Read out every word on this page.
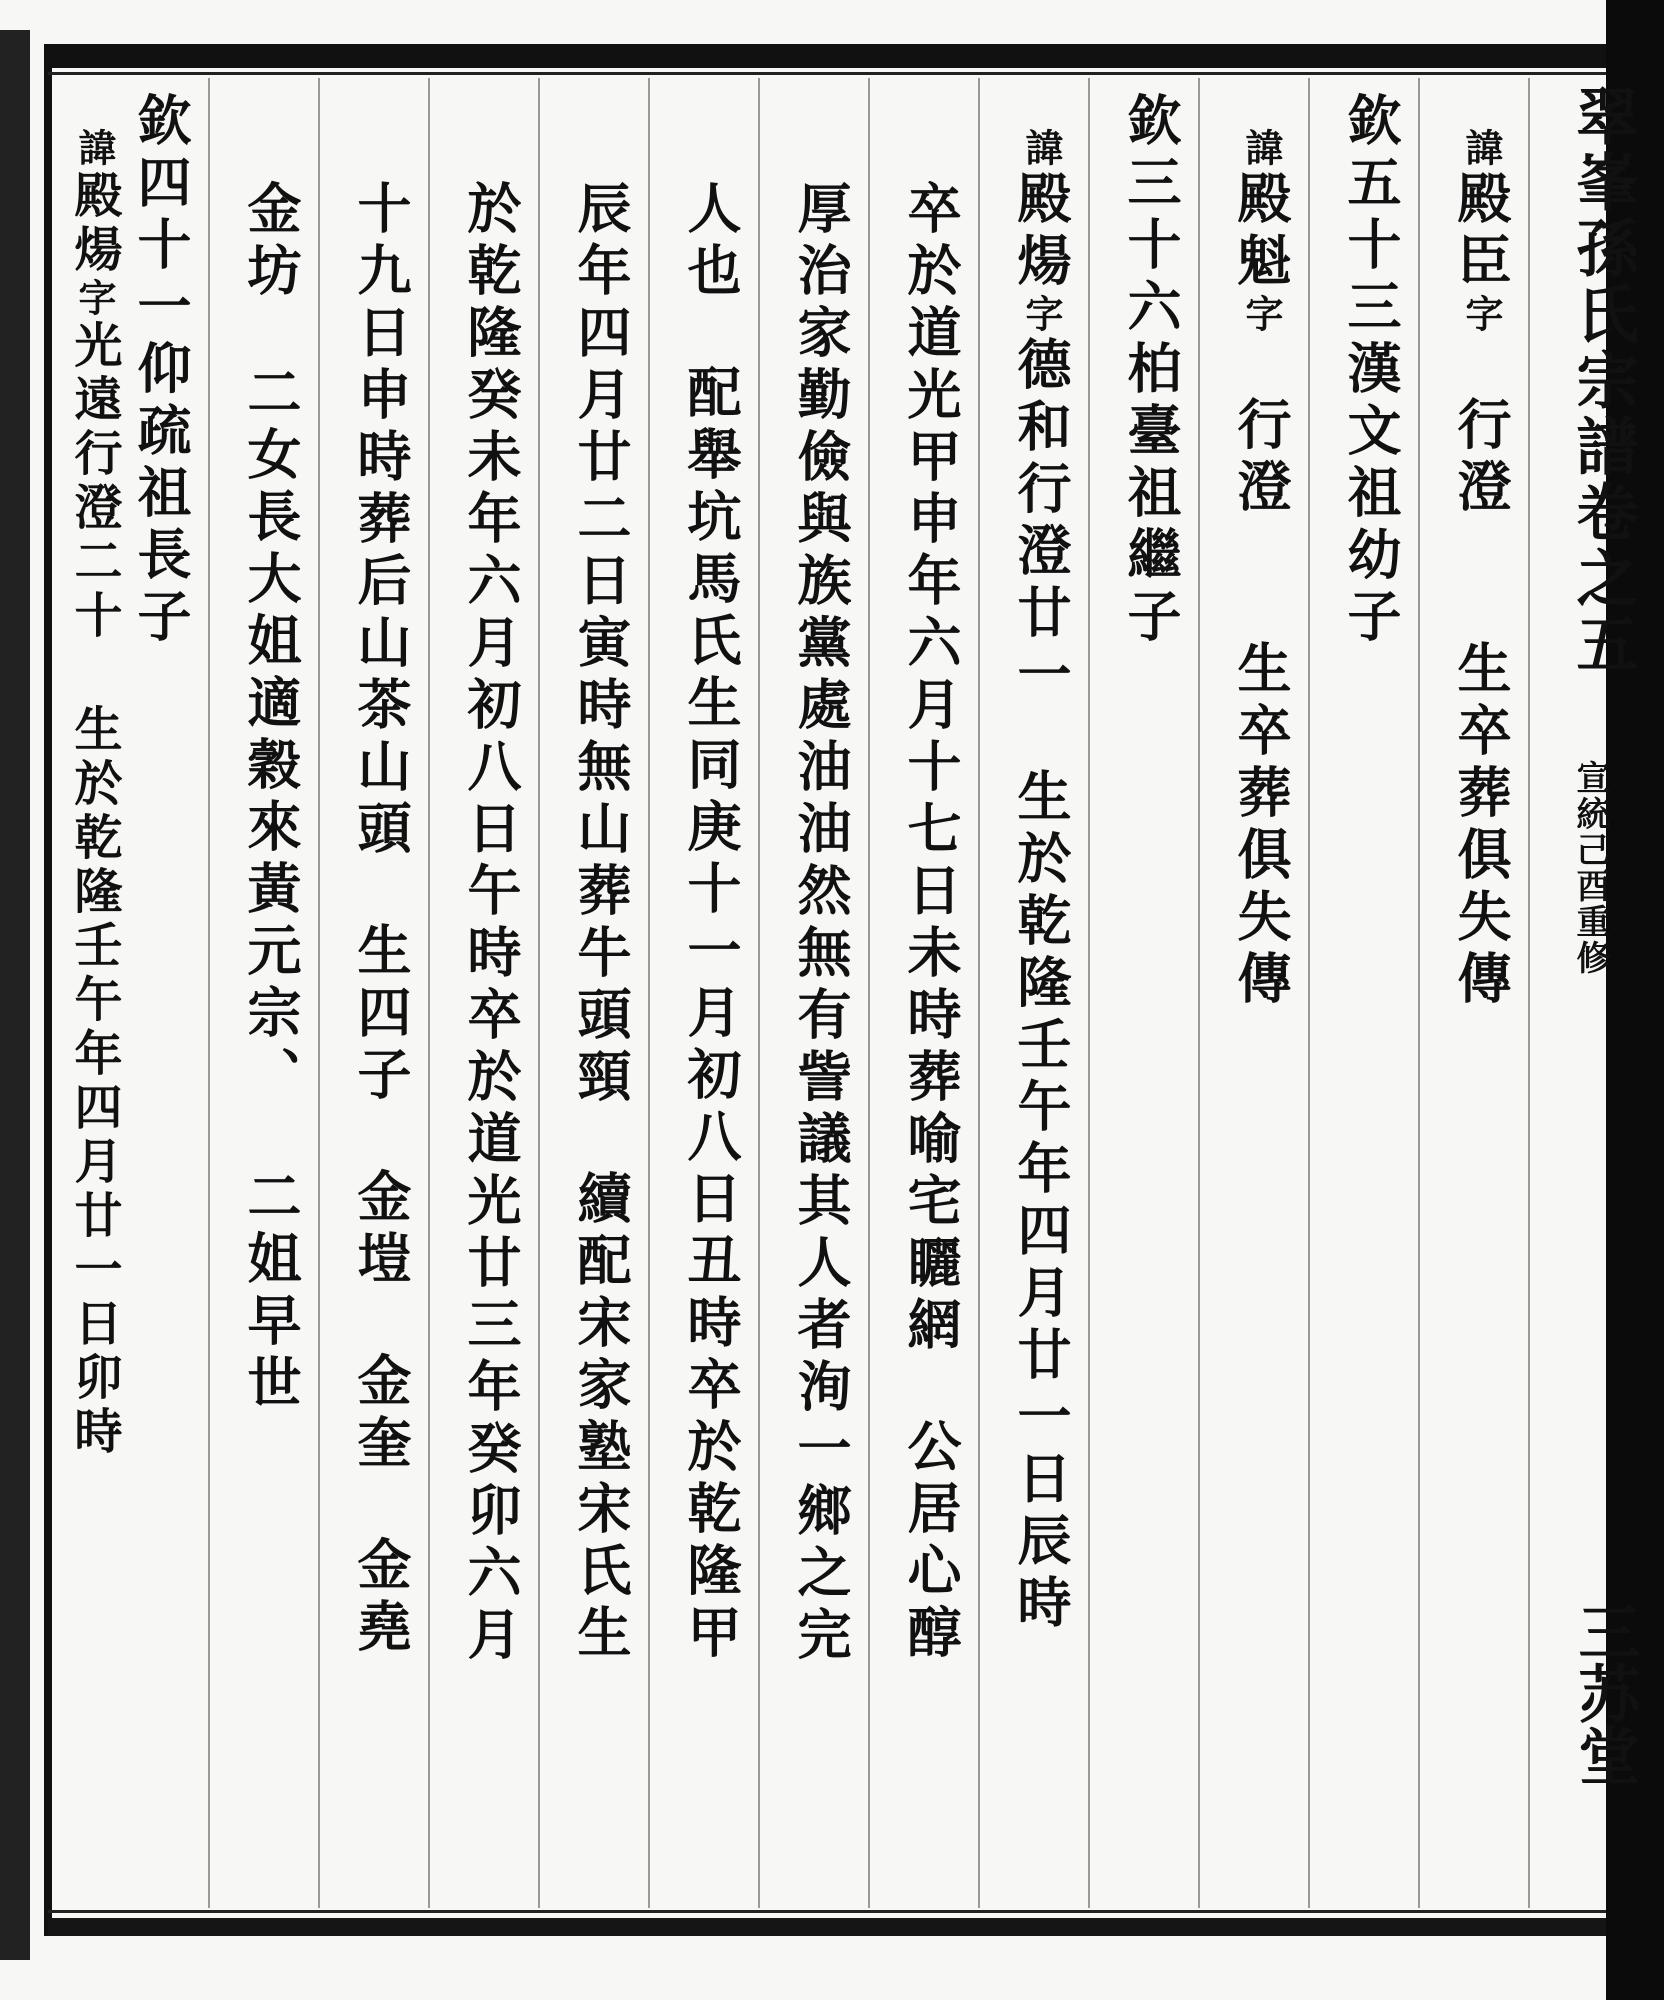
翠峯孫氏宗譜卷之五
宣統己酉重修
三苏堂
諱殿臣字行澄生卒葬俱失傳
欽五十三漢文祖幼子
諱殿魁字行澄生卒葬俱失傳
欽三十六柏臺祖繼子
諱殿煬字德和行澄廿一生於乾隆壬午年四月廿一日辰時
卒於道光甲申年六月十七日未時葬喻宅矖網公居心醇
厚治家勤儉與族黨處油油然無有訾議其人者洵一鄉之完
人也配舉坑馬氏生同庚十一月初八日丑時卒於乾隆甲
辰年四月廿二日寅時無山葬牛頭頸續配宋家塾宋氏生
於乾隆癸未年六月初八日午時卒於道光廿三年癸卯六月
十九日申時葬后山茶山頭生四子金塏金奎金堯
金坊二女長大姐適穀來黃元宗、二姐早世
欽四十一仰疏祖長子
諱殿煬字光遠行澄二十生於乾隆壬午年四月廿一日卯時
